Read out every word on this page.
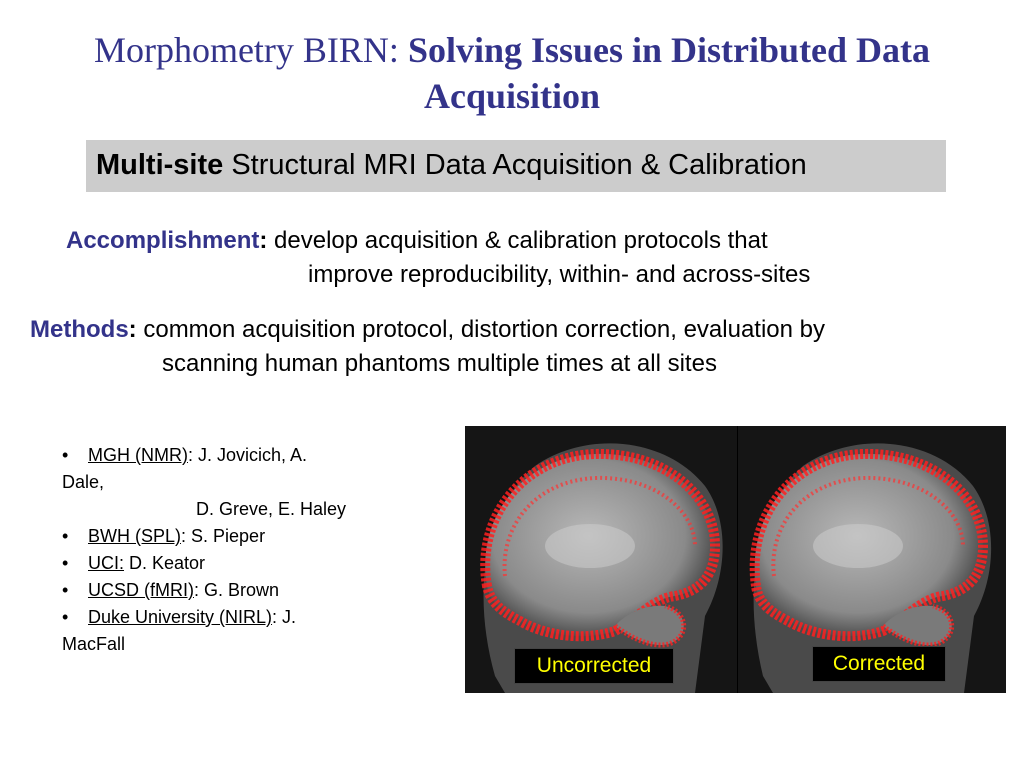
Morphometry BIRN: Solving Issues in Distributed Data
Acquisition
Multi-site Structural MRI Data Acquisition & Calibration
Accomplishment: develop acquisition & calibration protocols that
improve reproducibility, within- and across-sites
Methods: common acquisition protocol, distortion correction, evaluation by
scanning human phantoms multiple times at all sites
• MGH (NMR): J. Jovicich, A.
Dale,
D. Greve, E. Haley
• BWH (SPL): S. Pieper
• UCI: D. Keator
• UCSD (fMRI): G. Brown
• Duke University (NIRL): J.
MacFall
Uncorrected	Corrected
